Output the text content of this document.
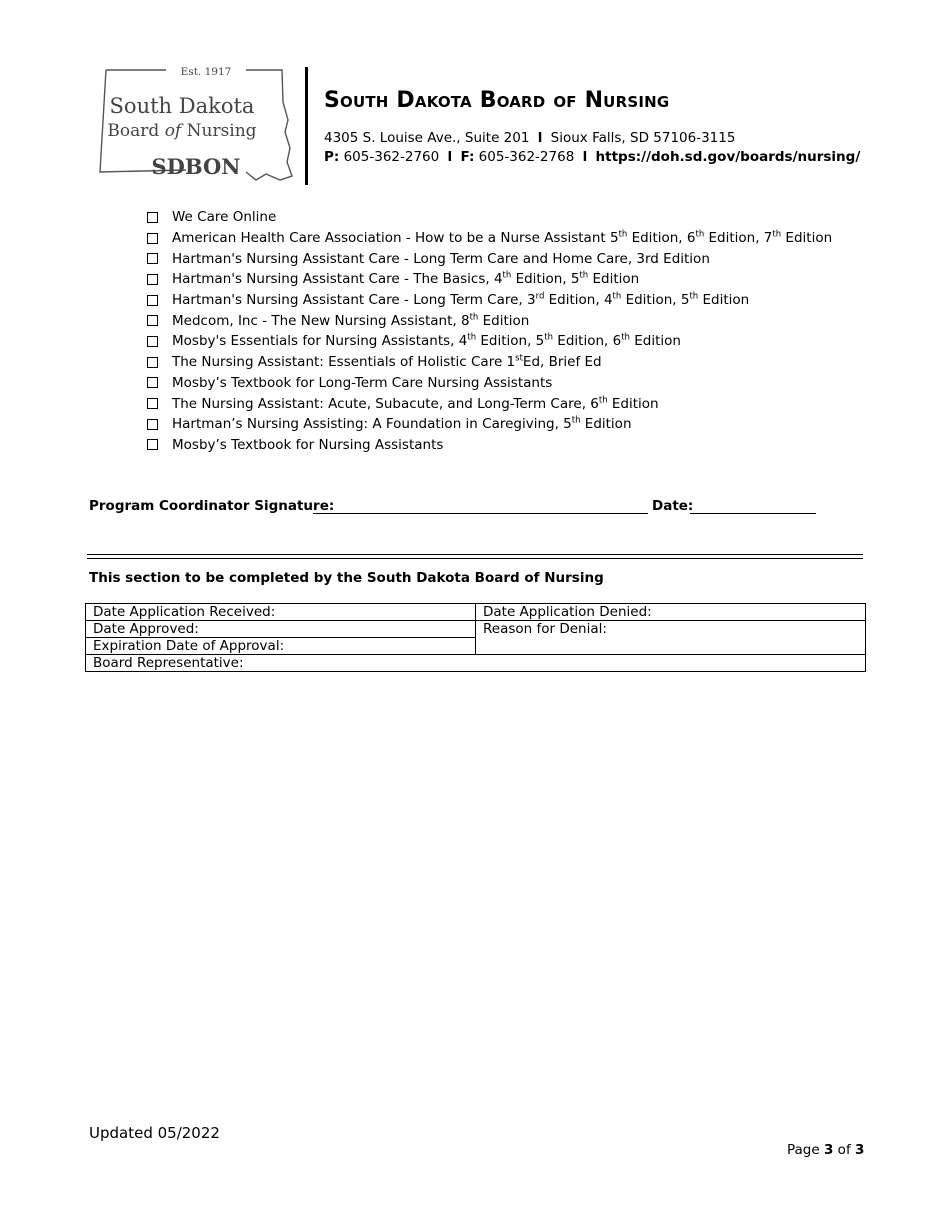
Est. 1917
South Dakota
Board of Nursing
SDBON
South Dakota Board of Nursing
4305 S. Louise Ave., Suite 201 l Sioux Falls, SD 57106-3115
P: 605-362-2760 l F: 605-362-2768 l https://doh.sd.gov/boards/nursing/
We Care Online
American Health Care Association - How to be a Nurse Assistant 5th Edition, 6th Edition, 7th Edition
Hartman's Nursing Assistant Care - Long Term Care and Home Care, 3rd Edition
Hartman's Nursing Assistant Care - The Basics, 4th Edition, 5th Edition
Hartman's Nursing Assistant Care - Long Term Care, 3rd Edition, 4th Edition, 5th Edition
Medcom, Inc - The New Nursing Assistant, 8th Edition
Mosby's Essentials for Nursing Assistants, 4th Edition, 5th Edition, 6th Edition
The Nursing Assistant: Essentials of Holistic Care 1stEd, Brief Ed
Mosby’s Textbook for Long-Term Care Nursing Assistants
The Nursing Assistant: Acute, Subacute, and Long-Term Care, 6th Edition
Hartman’s Nursing Assisting: A Foundation in Caregiving, 5th Edition
Mosby’s Textbook for Nursing Assistants
Program Coordinator Signature:	Date:
This section to be completed by the South Dakota Board of Nursing
Date Application Received:	Date Application Denied:
Date Approved:	Reason for Denial:
Expiration Date of Approval:	
Board Representative:	
Updated 05/2022
Page 3 of 3
